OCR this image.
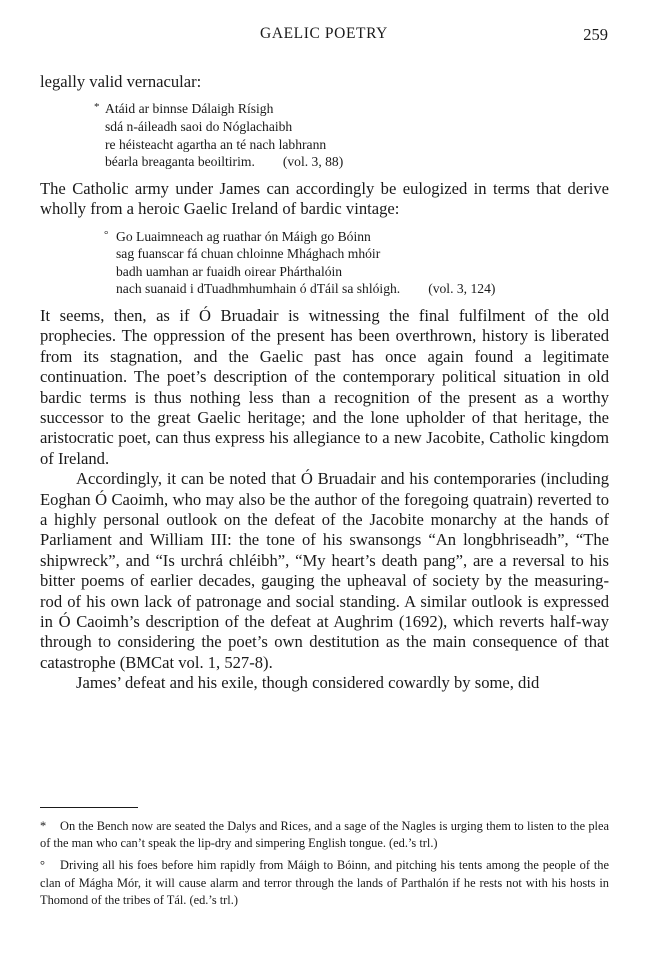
GAELIC POETRY	259

legally valid vernacular:

* Atáid ar binnse Dálaigh Rísigh
sdá n-áileadh saoi do Nóglachaibh
re héisteacht agartha an té nach labhrann
béarla breaganta beoiltirim. (vol. 3, 88)

The Catholic army under James can accordingly be eulogized in terms that derive wholly from a heroic Gaelic Ireland of bardic vintage:

° Go Luaimneach ag ruathar ón Máigh go Bóinn
sag fuanscar fá chuan chloinne Mhághach mhóir
badh uamhan ar fuaidh oirear Phárthalóin
nach suanaid i dTuadhmhumhain ó dTáil sa shlóigh. (vol. 3, 124)

It seems, then, as if Ó Bruadair is witnessing the final fulfilment of the old prophecies. The oppression of the present has been overthrown, history is liberated from its stagnation, and the Gaelic past has once again found a legitimate continuation. The poet’s description of the contemporary political situation in old bardic terms is thus nothing less than a recognition of the present as a worthy successor to the great Gaelic heritage; and the lone upholder of that heritage, the aristocratic poet, can thus express his allegiance to a new Jacobite, Catholic kingdom of Ireland.

Accordingly, it can be noted that Ó Bruadair and his contemporaries (including Eoghan Ó Caoimh, who may also be the author of the foregoing quatrain) reverted to a highly personal outlook on the defeat of the Jacobite monarchy at the hands of Parliament and William III: the tone of his swansongs “An longbhriseadh”, “The shipwreck”, and “Is urchrá chléibh”, “My heart’s death pang”, are a reversal to his bitter poems of earlier decades, gauging the upheaval of society by the measuring-rod of his own lack of patronage and social standing. A similar outlook is expressed in Ó Caoimh’s description of the defeat at Aughrim (1692), which reverts half-way through to considering the poet’s own destitution as the main consequence of that catastrophe (BMCat vol. 1, 527-8).

James’ defeat and his exile, though considered cowardly by some, did

* On the Bench now are seated the Dalys and Rices, and a sage of the Nagles is urging them to listen to the plea of the man who can’t speak the lip-dry and simpering English tongue. (ed.’s trl.)

° Driving all his foes before him rapidly from Máigh to Bóinn, and pitching his tents among the people of the clan of Mágha Mór, it will cause alarm and terror through the lands of Parthalón if he rests not with his hosts in Thomond of the tribes of Tál. (ed.’s trl.)
